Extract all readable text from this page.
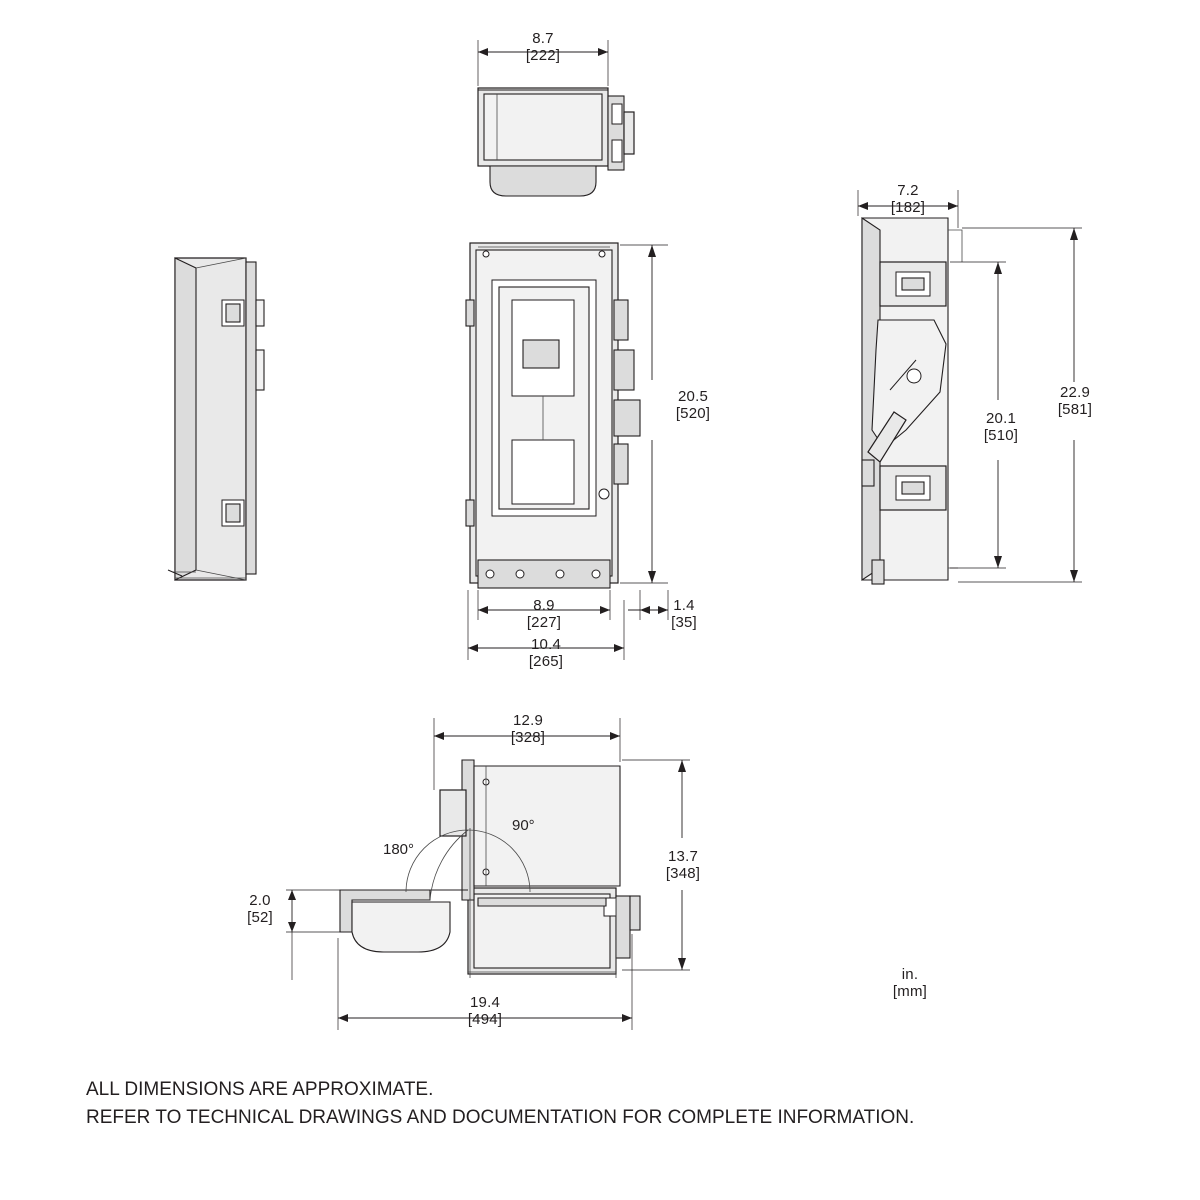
8.7
[222]
20.5
[520]
8.9
[227]
1.4
[35]
10.4
[265]
7.2
[182]
20.1
[510]
22.9
[581]
12.9
[328]
13.7
[348]
2.0
[52]
19.4
[494]
180°
90°
in.
[mm]
ALL DIMENSIONS ARE APPROXIMATE.
REFER TO TECHNICAL DRAWINGS AND DOCUMENTATION FOR COMPLETE INFORMATION.
